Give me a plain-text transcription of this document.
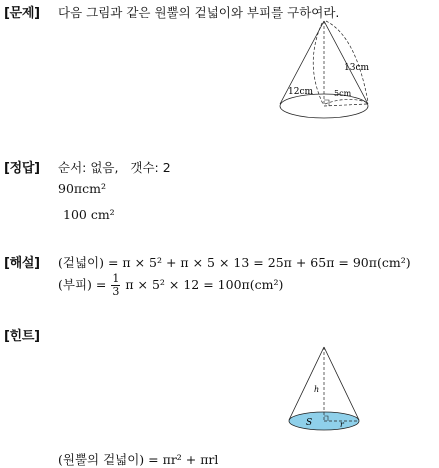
[문제] 다음 그림과 같은 원뿔의 겉넓이와 부피를 구하여라.
13cm
12cm	5cm
[정답] 순서: 없음,   갯수: 2
90πcm²
100 cm²
[해설] (겉넓이) = π × 5² + π × 5 × 13 = 25π + 65π = 90π(cm²)
(부피) = $\frac{1}{3}$ π × 5² × 12 = 100π(cm²)
[힌트]
h
S	r
(원뿔의 겉넓이) = πr² + πrl
